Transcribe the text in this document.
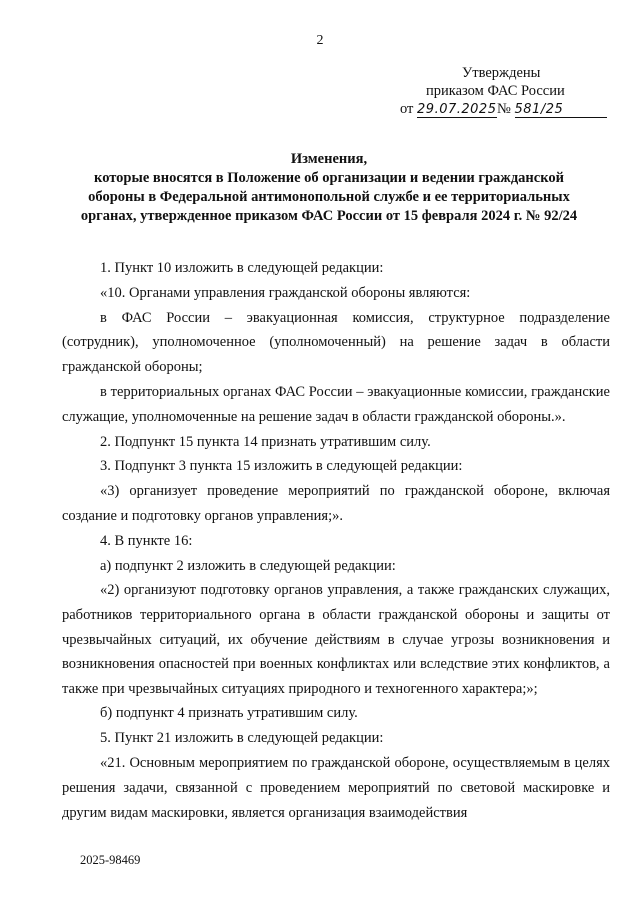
2
Утверждены
приказом ФАС России
от 29.07.2025№ 581/25
Изменения,
которые вносятся в Положение об организации и ведении гражданской
обороны в Федеральной антимонопольной службе и ее территориальных
органах, утвержденное приказом ФАС России от 15 февраля 2024 г. № 92/24

1. Пункт 10 изложить в следующей редакции:

«10. Органами управления гражданской обороны являются:

в ФАС России – эвакуационная комиссия, структурное подразделение (сотрудник), уполномоченное (уполномоченный) на решение задач в области гражданской обороны;

в территориальных органах ФАС России – эвакуационные комиссии, гражданские служащие, уполномоченные на решение задач в области гражданской обороны.».

2. Подпункт 15 пункта 14 признать утратившим силу.

3. Подпункт 3 пункта 15 изложить в следующей редакции:

«3) организует проведение мероприятий по гражданской обороне, включая создание и подготовку органов управления;».

4. В пункте 16:

а) подпункт 2 изложить в следующей редакции:

«2) организуют подготовку органов управления, а также гражданских служащих, работников территориального органа в области гражданской обороны и защиты от чрезвычайных ситуаций, их обучение действиям в случае угрозы возникновения и возникновения опасностей при военных конфликтах или вследствие этих конфликтов, а также при чрезвычайных ситуациях природного и техногенного характера;»;

б) подпункт 4 признать утратившим силу.

5. Пункт 21 изложить в следующей редакции:

«21. Основным мероприятием по гражданской обороне, осуществляемым в целях решения задачи, связанной с проведением мероприятий по световой маскировке и другим видам маскировки, является организация взаимодействия

2025-98469
